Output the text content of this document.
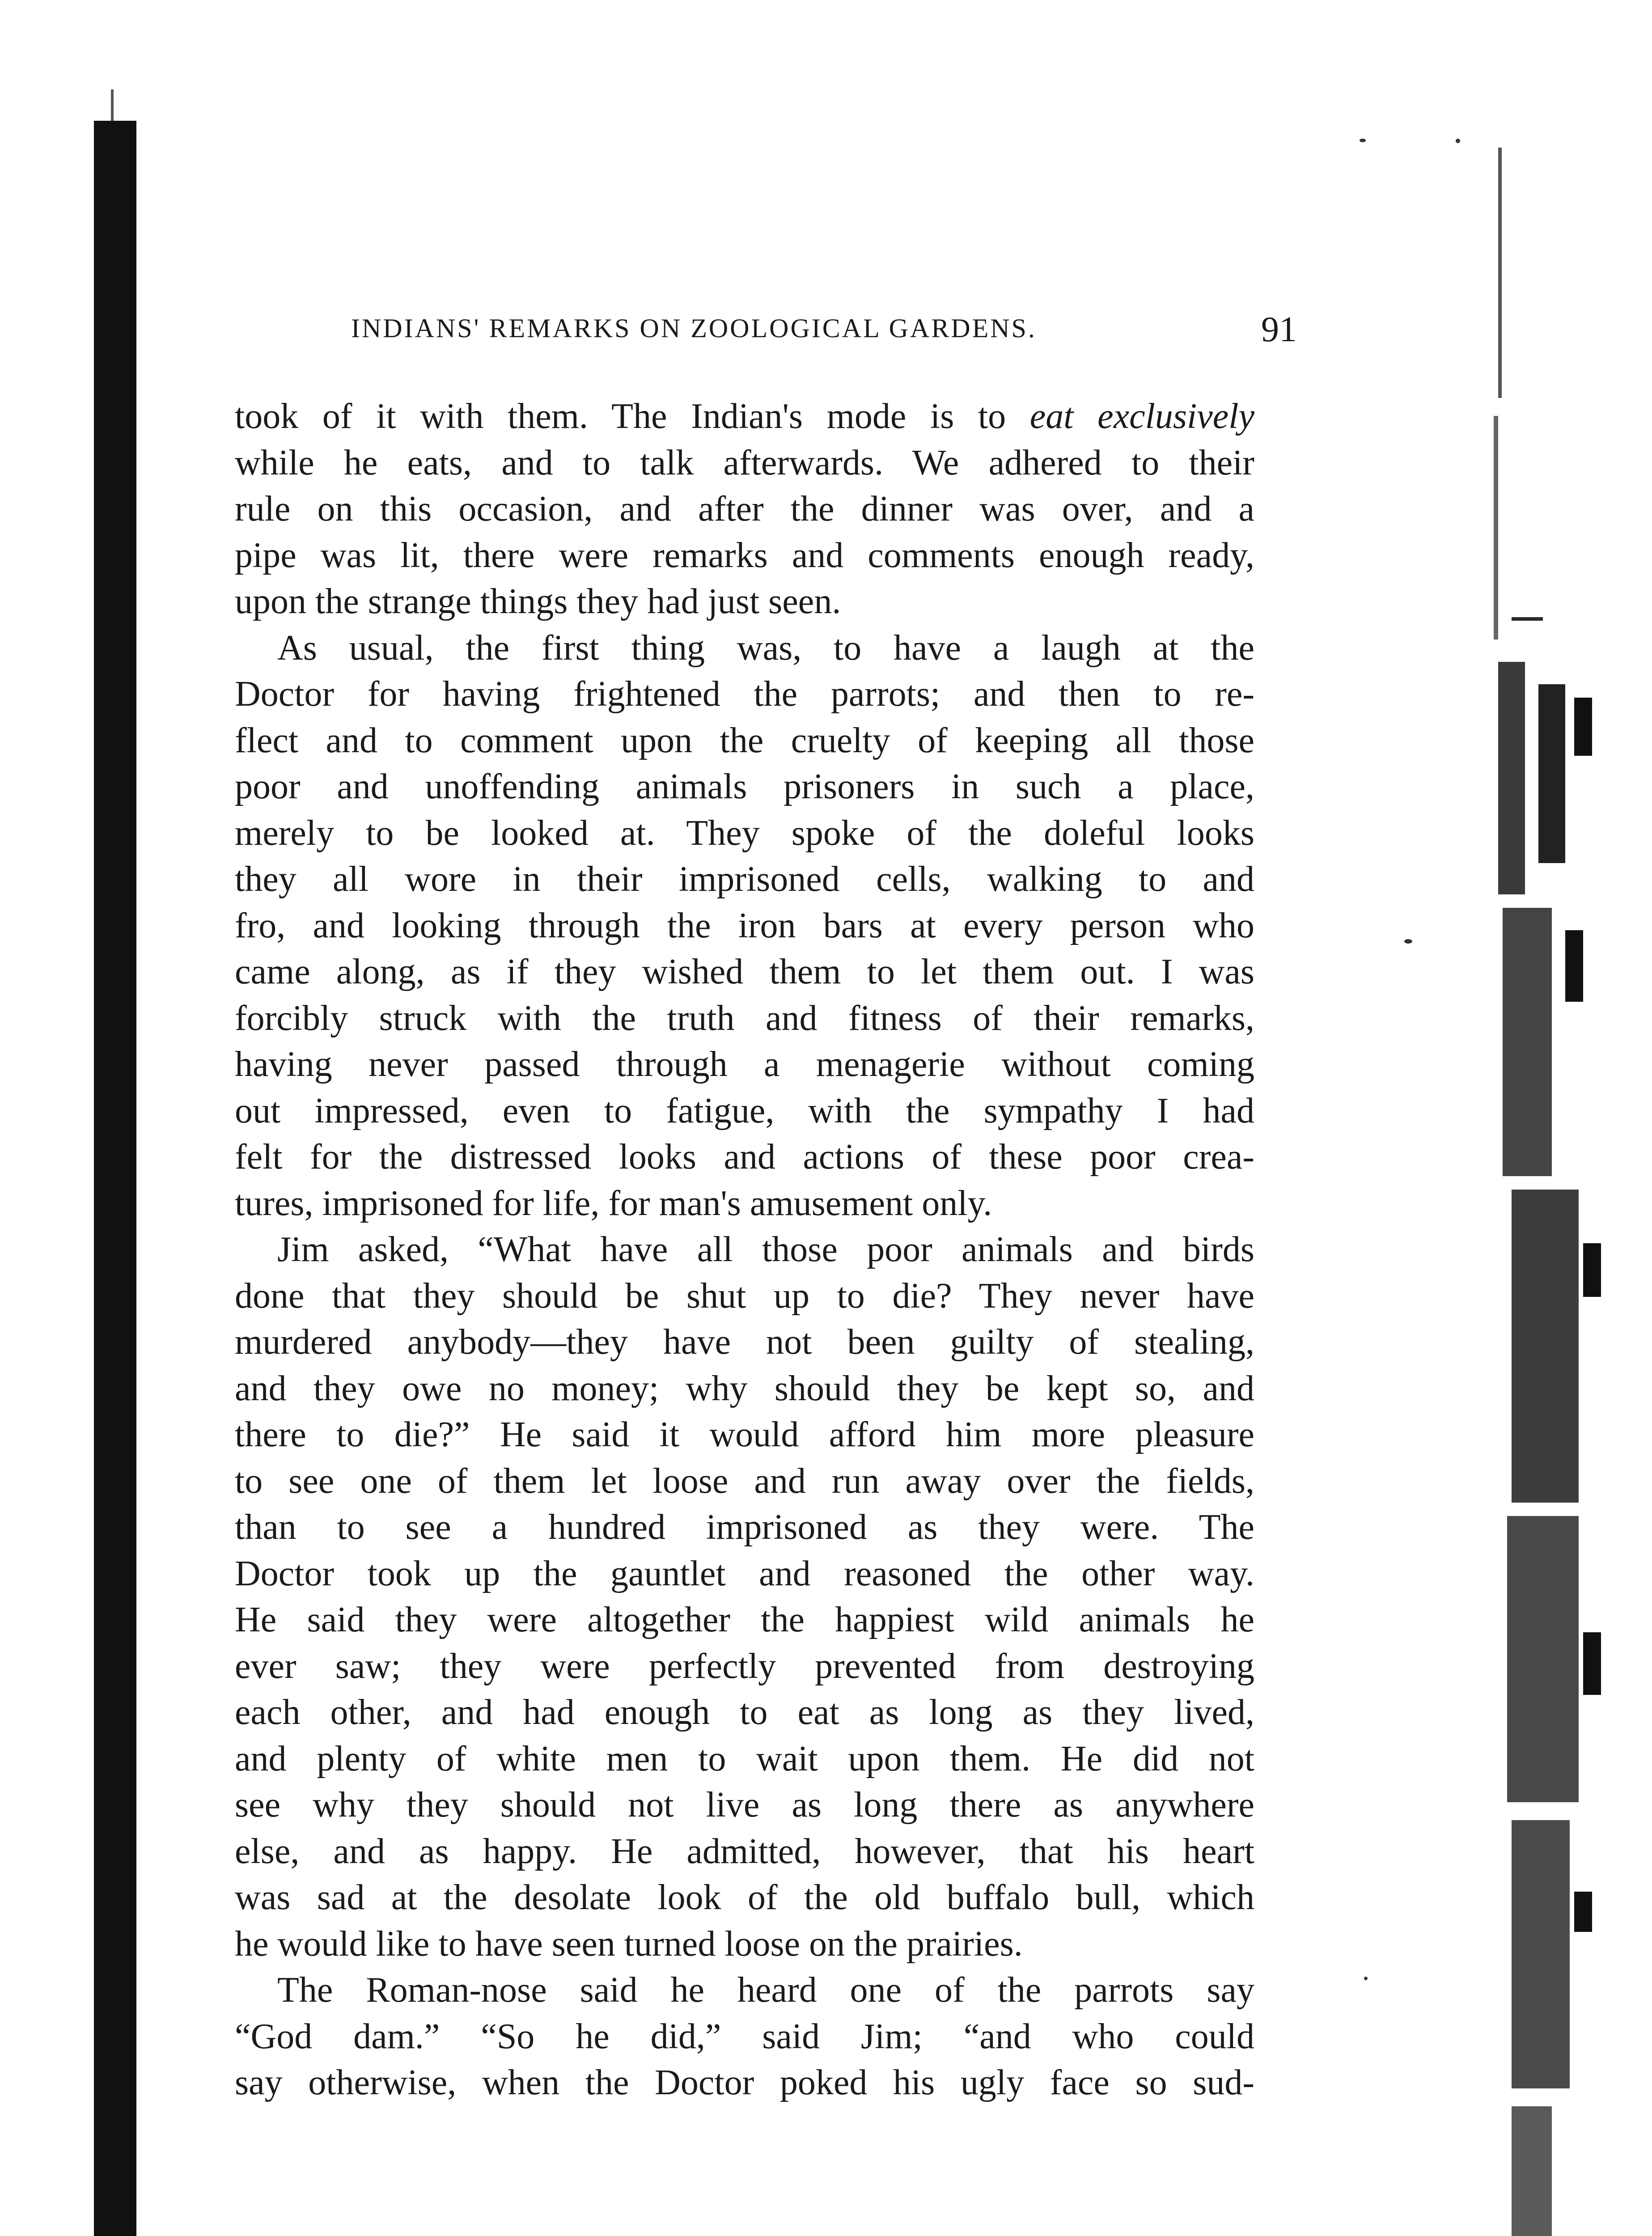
INDIANS' REMARKS ON ZOOLOGICAL GARDENS.	91

took of it with them. The Indian's mode is to eat exclusively
while he eats, and to talk afterwards. We adhered to their
rule on this occasion, and after the dinner was over, and a
pipe was lit, there were remarks and comments enough ready,
upon the strange things they had just seen.

As usual, the first thing was, to have a laugh at the
Doctor for having frightened the parrots; and then to re-
flect and to comment upon the cruelty of keeping all those
poor and unoffending animals prisoners in such a place,
merely to be looked at. They spoke of the doleful looks
they all wore in their imprisoned cells, walking to and
fro, and looking through the iron bars at every person who
came along, as if they wished them to let them out. I was
forcibly struck with the truth and fitness of their remarks,
having never passed through a menagerie without coming
out impressed, even to fatigue, with the sympathy I had
felt for the distressed looks and actions of these poor crea-
tures, imprisoned for life, for man's amusement only.

Jim asked, “What have all those poor animals and birds
done that they should be shut up to die? They never have
murdered anybody—they have not been guilty of stealing,
and they owe no money; why should they be kept so, and
there to die?” He said it would afford him more pleasure
to see one of them let loose and run away over the fields,
than to see a hundred imprisoned as they were. The
Doctor took up the gauntlet and reasoned the other way.
He said they were altogether the happiest wild animals he
ever saw; they were perfectly prevented from destroying
each other, and had enough to eat as long as they lived,
and plenty of white men to wait upon them. He did not
see why they should not live as long there as anywhere
else, and as happy. He admitted, however, that his heart
was sad at the desolate look of the old buffalo bull, which
he would like to have seen turned loose on the prairies.

The Roman-nose said he heard one of the parrots say
“God dam.” “So he did,” said Jim; “and who could
say otherwise, when the Doctor poked his ugly face so sud-
